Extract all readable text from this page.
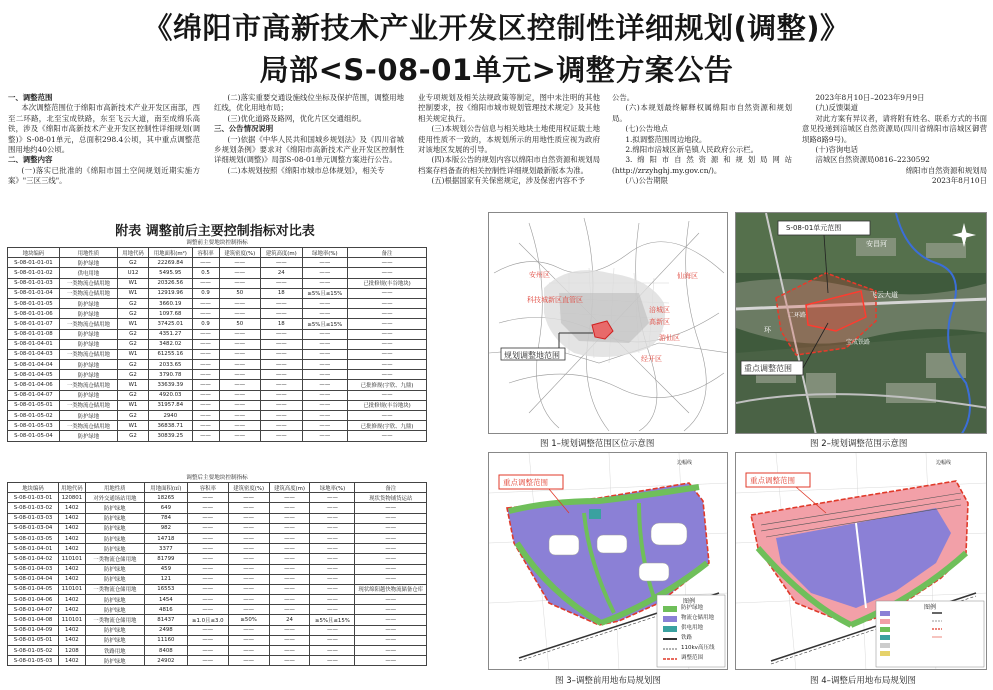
《绵阳市高新技术产业开发区控制性详细规划(调整)》
局部<S-08-01单元>调整方案公告
一、调整范围
本次调整范围位于绵阳市高新技术产业开发区南部，西至二环路，北至宝成铁路，东至飞云大道，南至成绵乐高铁，涉及《绵阳市高新技术产业开发区控制性详细规划(调整)》S-08-01单元，总面积298.4公顷，其中重点调整范围用地约40公顷。
二、调整内容
(一)落实已批准的《绵阳市国土空间规划近期实施方案》"三区三线"。
(二)落实重要交通设施线位坐标及保护范围，调整用地红线，优化用地布局；
(三)优化道路及路网，优化片区交通组织。
三、公告情况说明
(一)依据《中华人民共和国城乡规划法》及《四川省城乡规划条例》要求对《绵阳市高新技术产业开发区控制性详细规划(调整)》局部S-08-01单元调整方案进行公告。
(二)本规划按照《绵阳市城市总体规划》，相关专
业专项规划及相关法规政策等制定，图中未注明的其他控制要求，按《绵阳市城市规划管理技术规定》及其他相关规定执行。
(三)本规划公告信息与相关地块土地使用权证载土地使用性质不一致的，本规划所示的用地性质应视为政府对该地区发展的引导。
(四)本版公告的规划内容以绵阳市自然资源和规划局档案存档备查的相关控制性详细规划最新版本为准。
(五)根据国家有关保密规定，涉及保密内容不予
公告。
(六)本规划最终解释权属绵阳市自然资源和规划局。
(七)公告地点
1.拟调整范围周边地段。
2.绵阳市涪城区新皂镇人民政府公示栏。
3.绵阳市自然资源和规划局网站(http://zrzyhghj.my.gov.cn/)。
(八)公告期限
2023年8月10日–2023年9月9日
(九)反馈渠道
对此方案有异议者，请将附有姓名、联系方式的书面意见投递到涪城区自然资源局(四川省绵阳市涪城区御营坝路8路9号)。
(十)咨询电话
涪城区自然资源局0816–2230592
绵阳市自然资源和规划局
2023年8月10日
附表 调整前后主要控制指标对比表
调整前主要地块控制指标
地块编码	用地性质	用地代码	用地面积(m²)	容积率	建筑密度(%)	建筑高度(m)	绿地率(%)	备注
S-08-01-01-01	防护绿地	G2	22269.84	——	——	——	——	——
S-08-01-01-02	供电用地	U12	5495.95	0.5	——	24	——	——
S-08-01-01-03	一类物流仓储用地	W1	20326.56	——	——	——	——	已批修规(丰谷地块)
S-08-01-01-04	一类物流仓储用地	W1	12919.96	0.9	50	18	≥5%且≤15%	——
S-08-01-01-05	防护绿地	G2	3660.19	——	——	——	——	——
S-08-01-01-06	防护绿地	G2	1097.68	——	——	——	——	——
S-08-01-01-07	一类物流仓储用地	W1	37425.01	0.9	50	18	≥5%且≤15%	——
S-08-01-01-08	防护绿地	G2	4351.27	——	——	——	——	——
S-08-01-04-01	防护绿地	G2	3482.02	——	——	——	——	——
S-08-01-04-03	一类物流仓储用地	W1	61255.16	——	——	——	——	——
S-08-01-04-04	防护绿地	G2	2033.65	——	——	——	——	——
S-08-01-04-05	防护绿地	G2	3790.78	——	——	——	——	——
S-08-01-04-06	一类物流仓储用地	W1	33639.39	——	——	——	——	已批修规(宇欣、九鼎)
S-08-01-04-07	防护绿地	G2	4920.03	——	——	——	——	——
S-08-01-05-01	一类物流仓储用地	W1	31957.84	——	——	——	——	已批修规(丰谷地块)
S-08-01-05-02	防护绿地	G2	2940	——	——	——	——	——
S-08-01-05-03	一类物流仓储用地	W1	36838.71	——	——	——	——	已批修规(宇欣、九鼎)
S-08-01-05-04	防护绿地	G2	30839.25	——	——	——	——	——
调整后主要地块控制指标
地块编码	用地代码	用地性质	用地面积(㎡)	容积率	建筑密度(%)	建筑高度(m)	绿地率(%)	备注
S-08-01-03-01	120801	对外交通场站用地	18265	——	——	——	——	现状货物铺货运站
S-08-01-03-02	1402	防护绿地	649	——	——	——	——	——
S-08-01-03-03	1402	防护绿地	784	——	——	——	——	——
S-08-01-03-04	1402	防护绿地	982	——	——	——	——	——
S-08-01-03-05	1402	防护绿地	14718	——	——	——	——	——
S-08-01-04-01	1402	防护绿地	3377	——	——	——	——	——
S-08-01-04-02	110101	一类物流仓储用地	81799	——	——	——	——	——
S-08-01-04-03	1402	防护绿地	459	——	——	——	——	——
S-08-01-04-04	1402	防护绿地	121	——	——	——	——	——
S-08-01-04-05	110101	一类物流仓储用地	16553	——	——	——	——	现状绵阳越快物流储备仓库
S-08-01-04-06	1402	防护绿地	1454	——	——	——	——	——
S-08-01-04-07	1402	防护绿地	4816	——	——	——	——	——
S-08-01-04-08	110101	一类物流仓储用地	81437	≥1.0且≤3.0	≥50%	24	≥5%且≤15%	——
S-08-01-04-09	1402	防护绿地	2498	——	——	——	——	——
S-08-01-05-01	1402	防护绿地	11160	——	——	——	——	——
S-08-01-05-02	1208	铁路用地	8408	——	——	——	——	——
S-08-01-05-03	1402	防护绿地	24902	——	——	——	——	——
规划调整地范围
安州区
科技城新区直管区
涪城区
游仙区
经开区
高新区
仙海区
图 1–规划调整范围区位示意图
S-08-01单元范围
重点调整范围
安昌河
飞云大道
二环路
宝成铁路
环
图 2–规划调整范围示意图
重点调整范围
边幅线
图例
防护绿地
物流仓储用地
供电用地
铁路
110kv高压线
调整范围
图 3–调整前用地布局规划图
重点调整范围
边幅线
图例
图 4–调整后用地布局规划图
